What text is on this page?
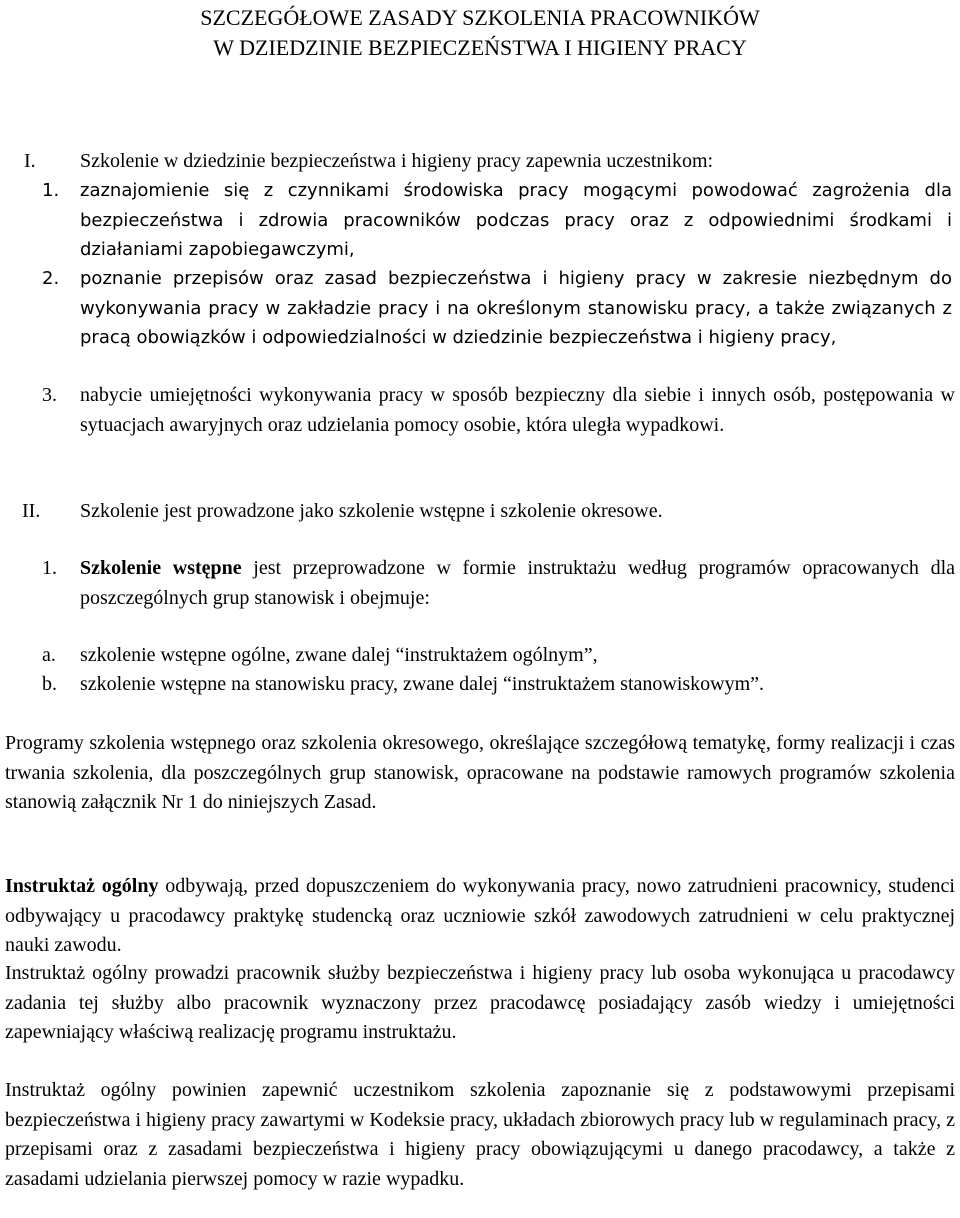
SZCZEGÓŁOWE ZASADY SZKOLENIA PRACOWNIKÓW
W DZIEDZINIE BEZPIECZEŃSTWA I HIGIENY PRACY
I. Szkolenie w dziedzinie bezpieczeństwa i higieny pracy zapewnia uczestnikom:
1. zaznajomienie się z czynnikami środowiska pracy mogącymi powodować zagrożenia dla bezpieczeństwa i zdrowia pracowników podczas pracy oraz z odpowiednimi środkami i działaniami zapobiegawczymi,
2. poznanie przepisów oraz zasad bezpieczeństwa i higieny pracy w zakresie niezbędnym do wykonywania pracy w zakładzie pracy i na określonym stanowisku pracy, a także związanych z pracą obowiązków i odpowiedzialności w dziedzinie bezpieczeństwa i higieny pracy,
3. nabycie umiejętności wykonywania pracy w sposób bezpieczny dla siebie i innych osób, postępowania w sytuacjach awaryjnych oraz udzielania pomocy osobie, która uległa wypadkowi.
II. Szkolenie jest prowadzone jako szkolenie wstępne i szkolenie okresowe.
1. Szkolenie wstępne jest przeprowadzone w formie instruktażu według programów opracowanych dla poszczególnych grup stanowisk i obejmuje:
a. szkolenie wstępne ogólne, zwane dalej “instruktażem ogólnym”,
b. szkolenie wstępne na stanowisku pracy, zwane dalej “instruktażem stanowiskowym”.

Programy szkolenia wstępnego oraz szkolenia okresowego, określające szczegółową tematykę, formy realizacji i czas trwania szkolenia, dla poszczególnych grup stanowisk, opracowane na podstawie ramowych programów szkolenia stanowią załącznik Nr 1 do niniejszych Zasad.

Instruktaż ogólny odbywają, przed dopuszczeniem do wykonywania pracy, nowo zatrudnieni pracownicy, studenci odbywający u pracodawcy praktykę studencką oraz uczniowie szkół zawodowych zatrudnieni w celu praktycznej nauki zawodu.

Instruktaż ogólny prowadzi pracownik służby bezpieczeństwa i higieny pracy lub osoba wykonująca u pracodawcy zadania tej służby albo pracownik wyznaczony przez pracodawcę posiadający zasób wiedzy i umiejętności zapewniający właściwą realizację programu instruktażu.

Instruktaż ogólny powinien zapewnić uczestnikom szkolenia zapoznanie się z podstawowymi przepisami bezpieczeństwa i higieny pracy zawartymi w Kodeksie pracy, układach zbiorowych pracy lub w regulaminach pracy, z przepisami oraz z zasadami bezpieczeństwa i higieny pracy obowiązującymi u danego pracodawcy, a także z zasadami udzielania pierwszej pomocy w razie wypadku.
